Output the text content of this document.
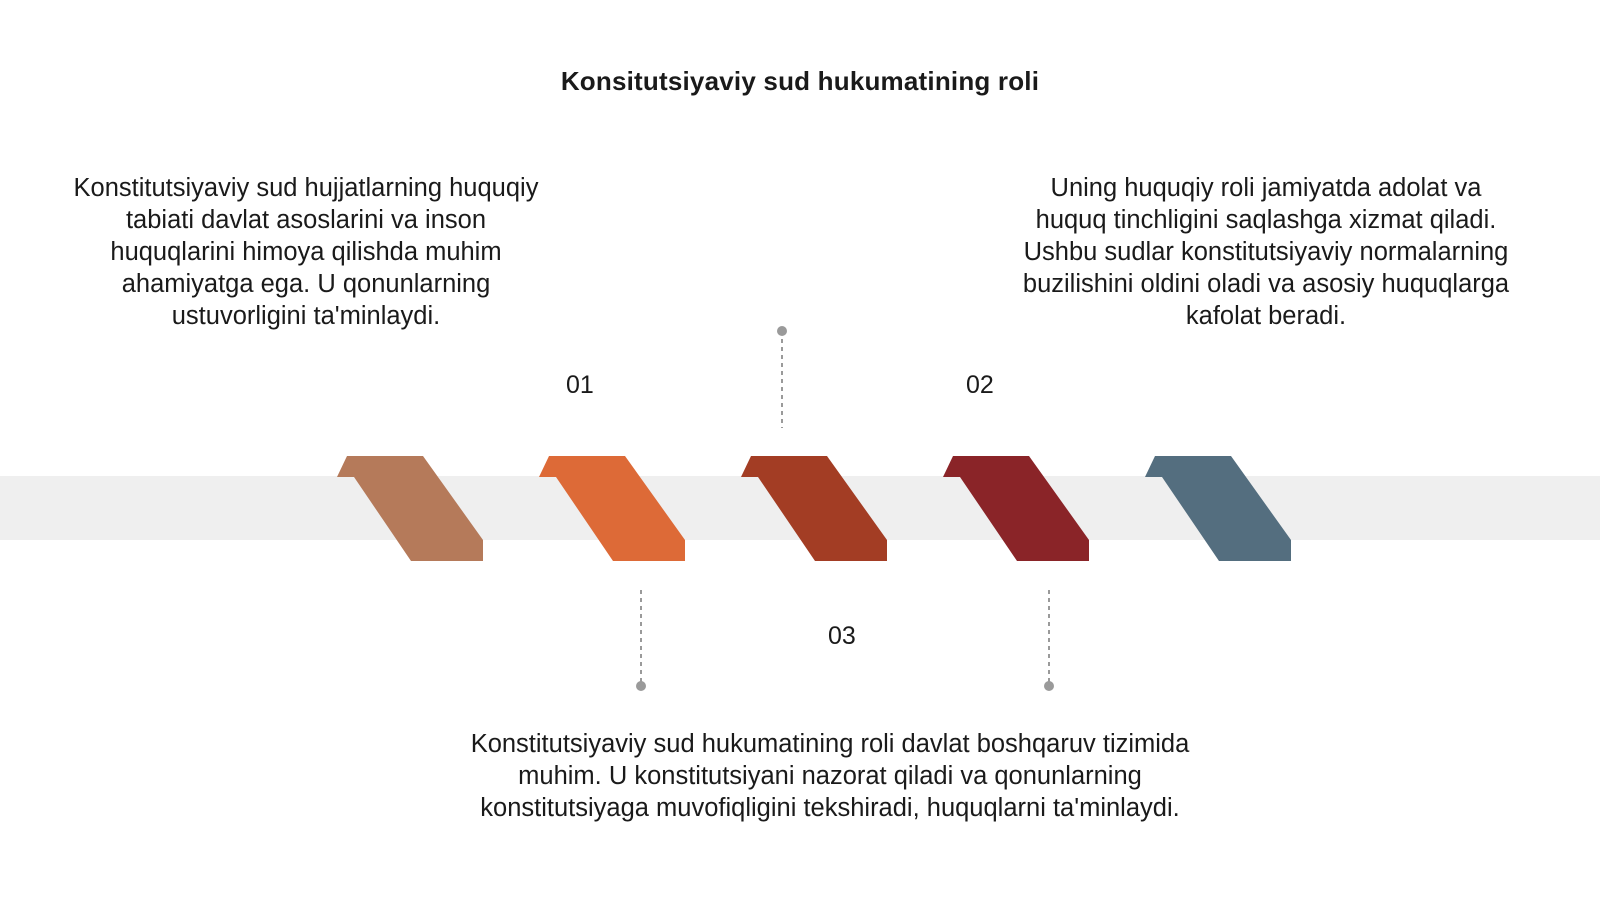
Konsitutsiyaviy sud hukumatining roli
Konstitutsiyaviy sud hujjatlarning huquqiy tabiati davlat asoslarini va inson huquqlarini himoya qilishda muhim ahamiyatga ega. U qonunlarning ustuvorligini ta'minlaydi.
Uning huquqiy roli jamiyatda adolat va huquq tinchligini saqlashga xizmat qiladi. Ushbu sudlar konstitutsiyaviy normalarning buzilishini oldini oladi va asosiy huquqlarga kafolat beradi.
Konstitutsiyaviy sud hukumatining roli davlat boshqaruv tizimida muhim. U konstitutsiyani nazorat qiladi va qonunlarning konstitutsiyaga muvofiqligini tekshiradi, huquqlarni ta'minlaydi.
01	02
03
